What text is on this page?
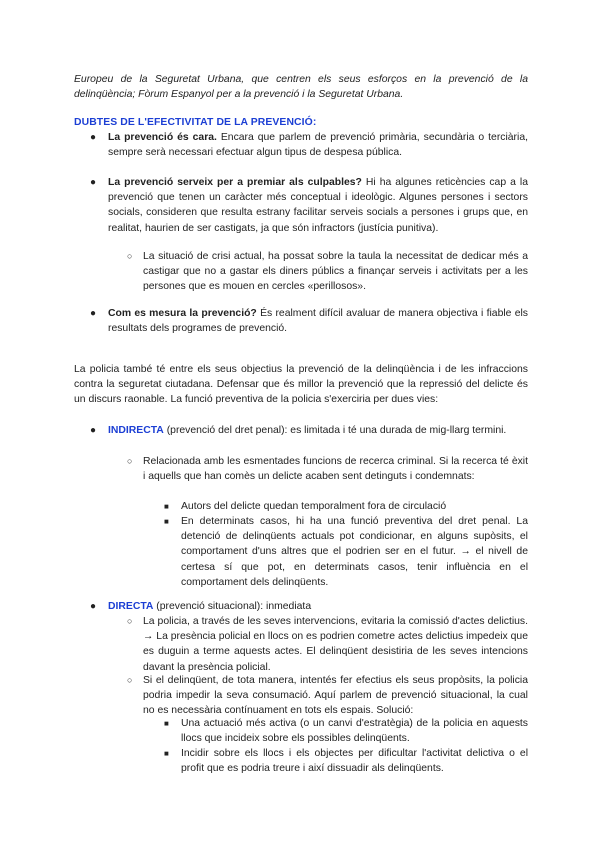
Europeu de la Seguretat Urbana, que centren els seus esforços en la prevenció de la delinqüència; Fòrum Espanyol per a la prevenció i la Seguretat Urbana.
DUBTES DE L'EFECTIVITAT DE LA PREVENCIÓ:
● La prevenció és cara. Encara que parlem de prevenció primària, secundària o terciària, sempre serà necessari efectuar algun tipus de despesa pública.
● La prevenció serveix per a premiar als culpables? Hi ha algunes reticències cap a la prevenció que tenen un caràcter més conceptual i ideològic. Algunes persones i sectors socials, consideren que resulta estrany facilitar serveis socials a persones i grups que, en realitat, haurien de ser castigats, ja que són infractors (justícia punitiva).
○ La situació de crisi actual, ha possat sobre la taula la necessitat de dedicar més a castigar que no a gastar els diners públics a finançar serveis i activitats per a les persones que es mouen en cercles «perillosos».
● Com es mesura la prevenció? És realment difícil avaluar de manera objectiva i fiable els resultats dels programes de prevenció.
La policia també té entre els seus objectius la prevenció de la delinqüència i de les infraccions contra la seguretat ciutadana. Defensar que és millor la prevenció que la repressió del delicte és un discurs raonable. La funció preventiva de la policia s'exerciria per dues vies:
● INDIRECTA (prevenció del dret penal): es limitada i té una durada de mig-llarg termini.
○ Relacionada amb les esmentades funcions de recerca criminal. Si la recerca té èxit i aquells que han comès un delicte acaben sent detinguts i condemnats:
■ Autors del delicte quedan temporalment fora de circulació
■ En determinats casos, hi ha una funció preventiva del dret penal. La detenció de delinqüents actuals pot condicionar, en alguns supòsits, el comportament d'uns altres que el podrien ser en el futur. → el nivell de certesa sí que pot, en determinats casos, tenir influència en el comportament dels delinqüents.
● DIRECTA (prevenció situacional): inmediata
○ La policia, a través de les seves intervencions, evitaria la comissió d'actes delictius. → La presència policial en llocs on es podrien cometre actes delictius impedeix que es duguin a terme aquests actes. El delinqüent desistiria de les seves intencions davant la presència policial.
○ Si el delinqüent, de tota manera, intentés fer efectius els seus propòsits, la policia podria impedir la seva consumació. Aquí parlem de prevenció situacional, la cual no es necessària contínuament en tots els espais. Solució:
■ Una actuació més activa (o un canvi d'estratègia) de la policia en aquests llocs que incideix sobre els possibles delinqüents.
■ Incidir sobre els llocs i els objectes per dificultar l'activitat delictiva o el profit que es podria treure i així dissuadir als delinqüents.
